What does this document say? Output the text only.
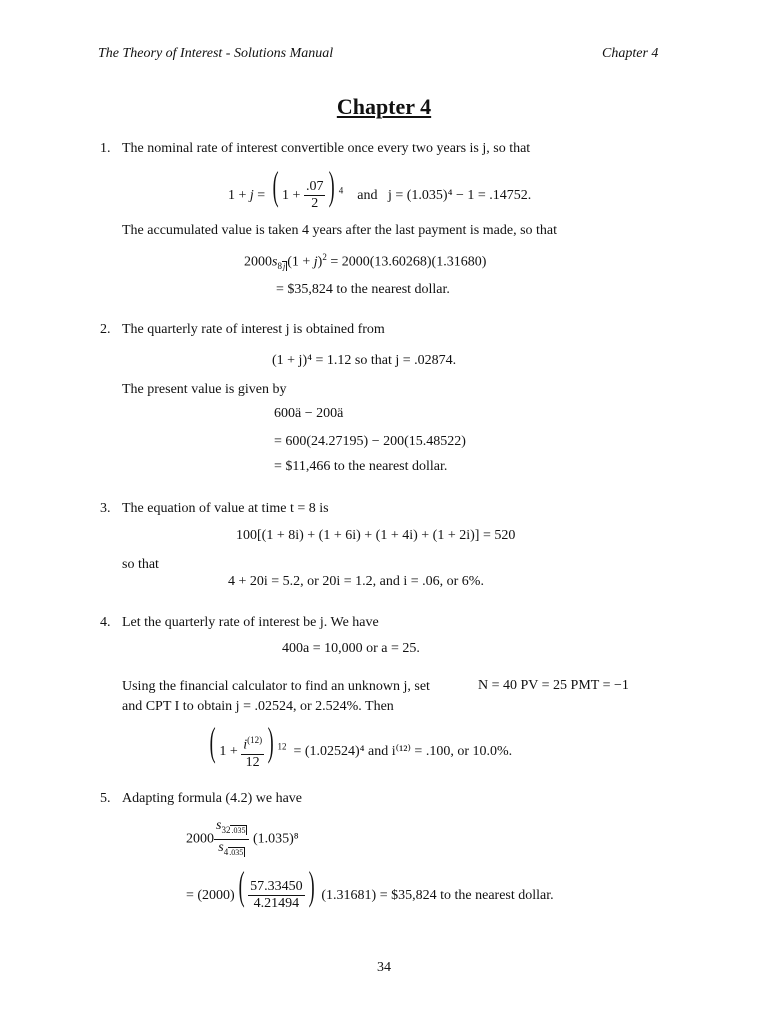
The Theory of Interest - Solutions Manual	Chapter 4
Chapter 4
1. The nominal rate of interest convertible once every two years is j, so that
1 + j = ( $1 + \frac{.07}{2}$ ) $^4$ and j = (1.035)⁴ − 1 = .14752.
The accumulated value is taken 4 years after the last payment is made, so that
$2000s_{8j}$ $(1 + j)^2 = 2000(13.60268)(1.31680)$
= $35,824 to the nearest dollar.
2. The quarterly rate of interest j is obtained from
(1 + j)⁴ = 1.12 so that j = .02874.
The present value is given by
600ä − 200ä
= 600(24.27195) − 200(15.48522)
= $11,466 to the nearest dollar.
3. The equation of value at time t = 8 is
100[(1 + 8i) + (1 + 6i) + (1 + 4i) + (1 + 2i)] = 520
so that
4 + 20i = 5.2, or 20i = 1.2, and i = .06, or 6%.
4. Let the quarterly rate of interest be j. We have
400a = 10,000 or a = 25.
Using the financial calculator to find an unknown j, set	N = 40 PV = 25 PMT = −1
and CPT I to obtain j = .02524, or 2.524%. Then
( $1 + \frac{i^{(12)}}{12}$ ) $^{12}$ = (1.02524)⁴ and i⁽¹²⁾ = .100, or 10.0%.
5. Adapting formula (4.2) we have
$2000 \frac{s_{32.035}}{s_{4.035}} (1.035)^8$
= $(2000)( \frac{57.33450}{4.21494}$ ) (1.31681) = $35,824 to the nearest dollar.
34
